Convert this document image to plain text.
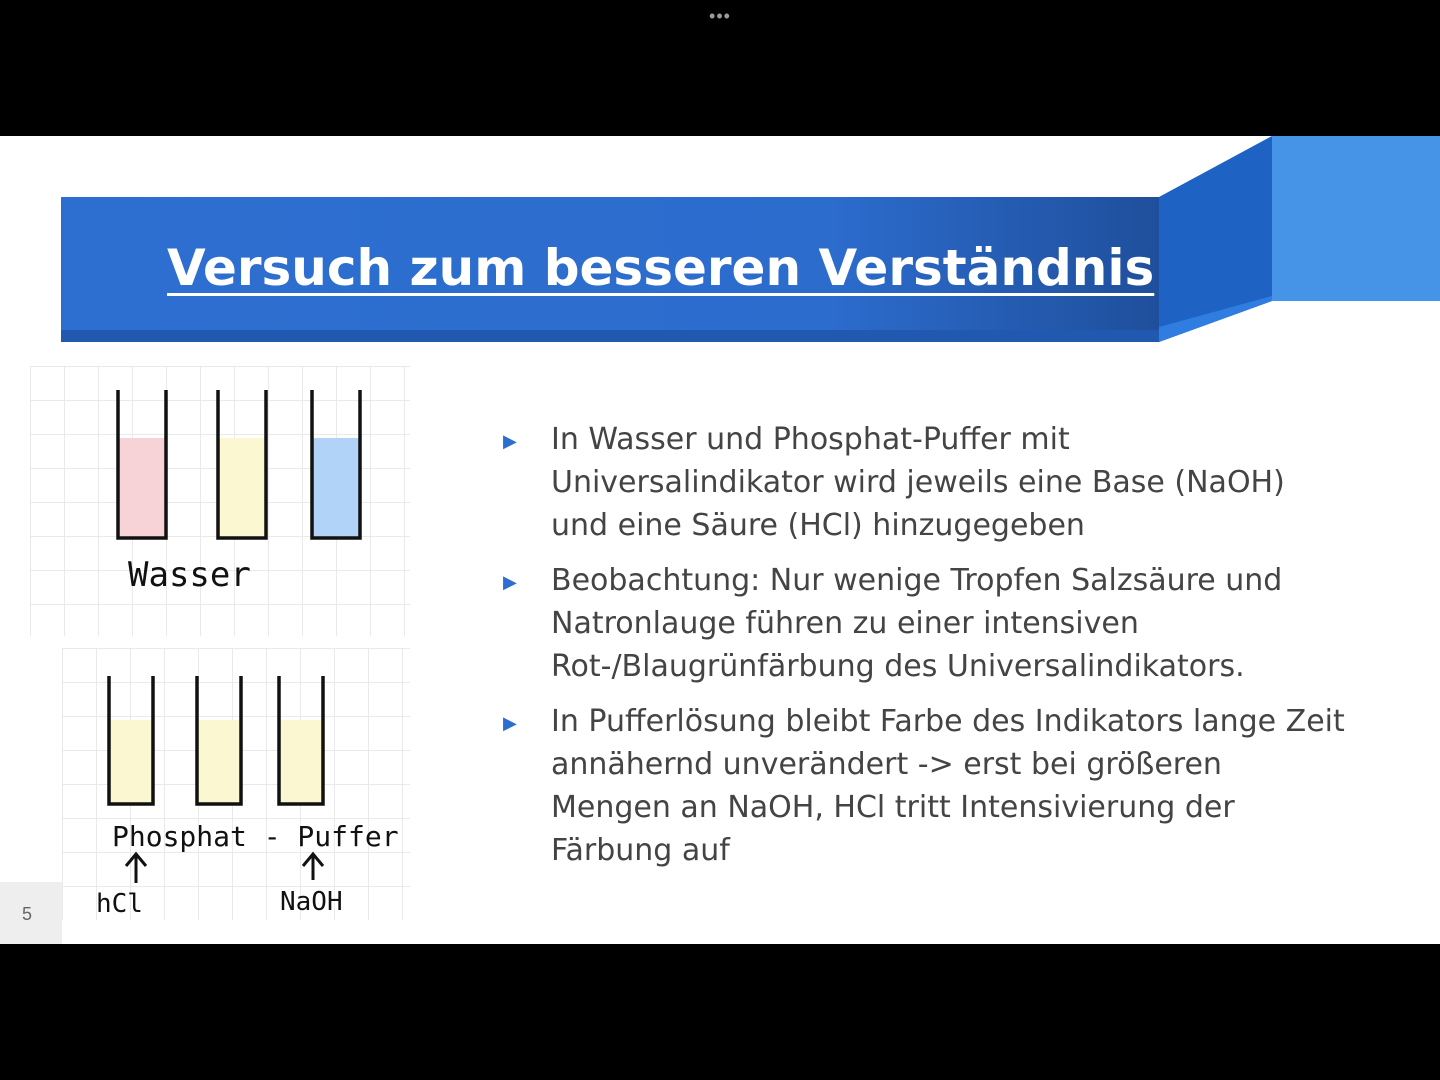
•••
Versuch zum besseren Verständnis
Wasser
Phosphat - Puffer
hCl	NaOH
▶ In Wasser und Phosphat-Puffer mit Universalindikator wird jeweils eine Base (NaOH) und eine Säure (HCl) hinzugegeben
▶ Beobachtung: Nur wenige Tropfen Salzsäure und Natronlauge führen zu einer intensiven Rot-/Blaugrünfärbung des Universalindikators.
▶ In Pufferlösung bleibt Farbe des Indikators lange Zeit annähernd unverändert -> erst bei größeren Mengen an NaOH, HCl tritt Intensivierung der Färbung auf
5
